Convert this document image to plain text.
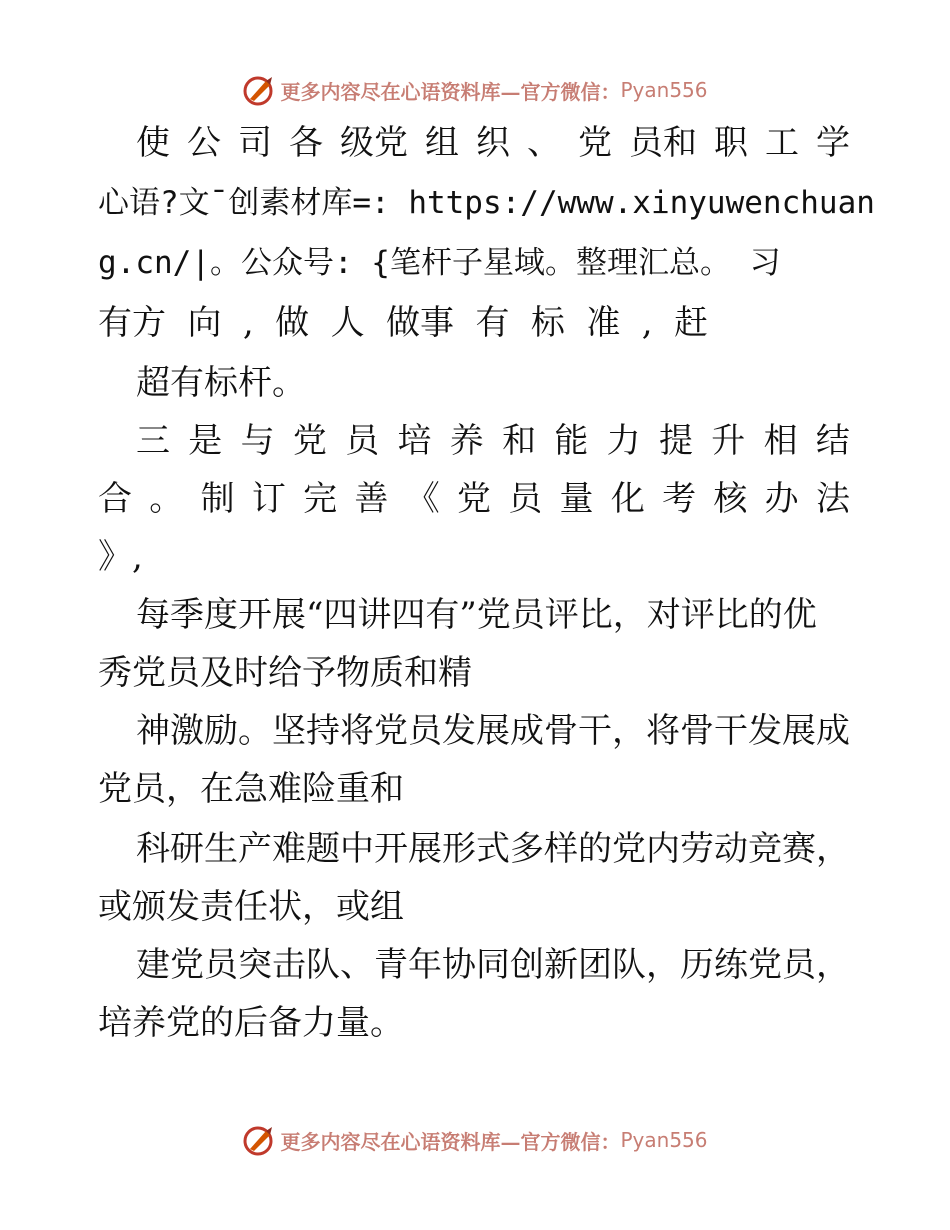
更多内容尽在心语资料库—官方微信： Pyan556
使 公 司 各 级党 组 织 、 党 员和 职 工 学
心语?文¯创素材库=: https://www.xinyuwenchuan
g.cn/|。公众号: {笔杆子星域。整理汇总。 习
有方 向 , 做 人 做事 有 标 准 , 赶
超有标杆。
三 是 与 党 员 培 养 和 能 力 提 升 相 结
合 。 制 订 完 善 《 党 员 量 化 考 核 办 法
》,
每季度开展“四讲四有”党员评比，对评比的优
秀党员及时给予物质和精
神激励。坚持将党员发展成骨干，将骨干发展成
党员，在急难险重和
科研生产难题中开展形式多样的党内劳动竞赛，
或颁发责任状，或组
建党员突击队、青年协同创新团队，历练党员，
培养党的后备力量。
更多内容尽在心语资料库—官方微信： Pyan556
